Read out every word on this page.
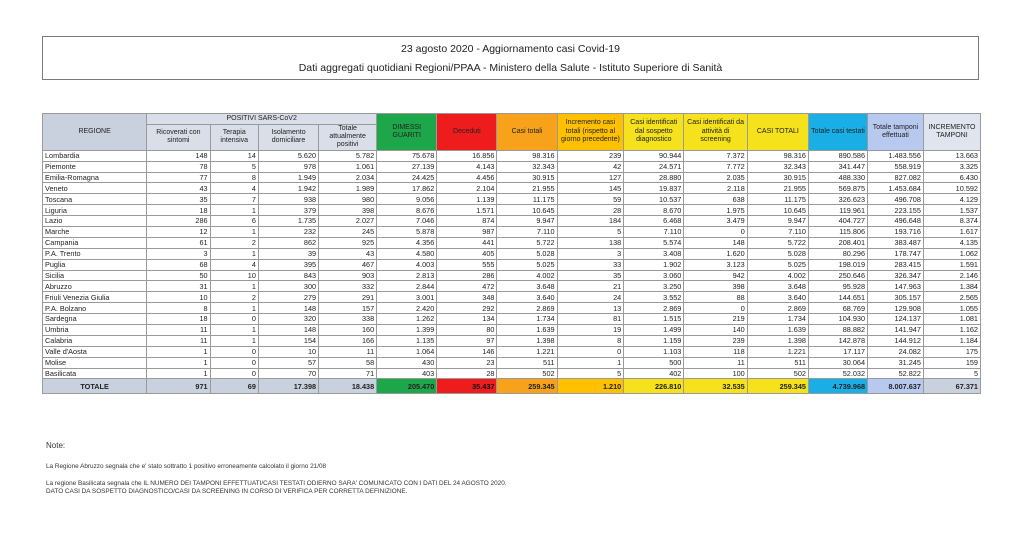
23 agosto 2020 - Aggiornamento casi Covid-19
Dati aggregati quotidiani Regioni/PPAA - Ministero della Salute - Istituto Superiore di Sanità
REGIONE	POSITIVI SARS-CoV2				DIMESSI GUARITI	Deceduti	Casi totali	Incremento casi totali (rispetto al giorno precedente)	Casi identificati dal sospetto diagnostico	Casi identificati da attività di screening	CASI TOTALI	Totale casi testati	Totale tamponi effettuati	INCREMENTO TAMPONI
	Ricoverati con sintomi	Terapia intensiva	Isolamento domiciliare	Totale attualmente positivi										
Lombardia	148	14	5.620	5.782	75.678	16.856	98.316	239	90.944	7.372	98.316	890.586	1.483.556	13.663
Piemonte	78	5	978	1.061	27.139	4.143	32.343	42	24.571	7.772	32.343	341.447	558.919	3.325
Emilia-Romagna	77	8	1.949	2.034	24.425	4.456	30.915	127	28.880	2.035	30.915	488.330	827.082	6.430
Veneto	43	4	1.942	1.989	17.862	2.104	21.955	145	19.837	2.118	21.955	569.875	1.453.684	10.592
Toscana	35	7	938	980	9.056	1.139	11.175	59	10.537	638	11.175	326.623	496.708	4.129
Liguria	18	1	379	398	8.676	1.571	10.645	28	8.670	1.975	10.645	119.961	223.155	1.537
Lazio	286	6	1.735	2.027	7.046	874	9.947	184	6.468	3.479	9.947	404.727	496.648	8.374
Marche	12	1	232	245	5.878	987	7.110	5	7.110	0	7.110	115.806	193.716	1.617
Campania	61	2	862	925	4.356	441	5.722	138	5.574	148	5.722	208.401	383.487	4.135
P.A. Trento	3	1	39	43	4.580	405	5.028	3	3.408	1.620	5.028	80.296	178.747	1.062
Puglia	68	4	395	467	4.003	555	5.025	33	1.902	3.123	5.025	198.019	283.415	1.591
Sicilia	50	10	843	903	2.813	286	4.002	35	3.060	942	4.002	250.646	326.347	2.146
Abruzzo	31	1	300	332	2.844	472	3.648	21	3.250	398	3.648	95.928	147.963	1.384
Friuli Venezia Giulia	10	2	279	291	3.001	348	3.640	24	3.552	88	3.640	144.651	305.157	2.565
P.A. Bolzano	8	1	148	157	2.420	292	2.869	13	2.869	0	2.869	68.769	129.908	1.055
Sardegna	18	0	320	338	1.262	134	1.734	81	1.515	219	1.734	104.930	124.137	1.081
Umbria	11	1	148	160	1.399	80	1.639	19	1.499	140	1.639	88.882	141.947	1.162
Calabria	11	1	154	166	1.135	97	1.398	8	1.159	239	1.398	142.878	144.912	1.184
Valle d'Aosta	1	0	10	11	1.064	146	1.221	0	1.103	118	1.221	17.117	24.082	175
Molise	1	0	57	58	430	23	511	1	500	11	511	30.064	31.245	159
Basilicata	1	0	70	71	403	28	502	5	402	100	502	52.032	52.822	5
TOTALE	971	69	17.398	18.438	205.470	35.437	259.345	1.210	226.810	32.535	259.345	4.739.968	8.007.637	67.371
Note:
La Regione Abruzzo segnala che e' stato sottratto 1 positivo erroneamente calcolato il giorno 21/08
La regione Basilicata segnala che IL NUMERO DEI TAMPONI EFFETTUATI/CASI TESTATI ODIERNO SARA' COMUNICATO CON I DATI DEL 24 AGOSTO 2020.
DATO CASI DA SOSPETTO DIAGNOSTICO/CASI DA SCREENING IN CORSO DI VERIFICA PER CORRETTA DEFINIZIONE.
